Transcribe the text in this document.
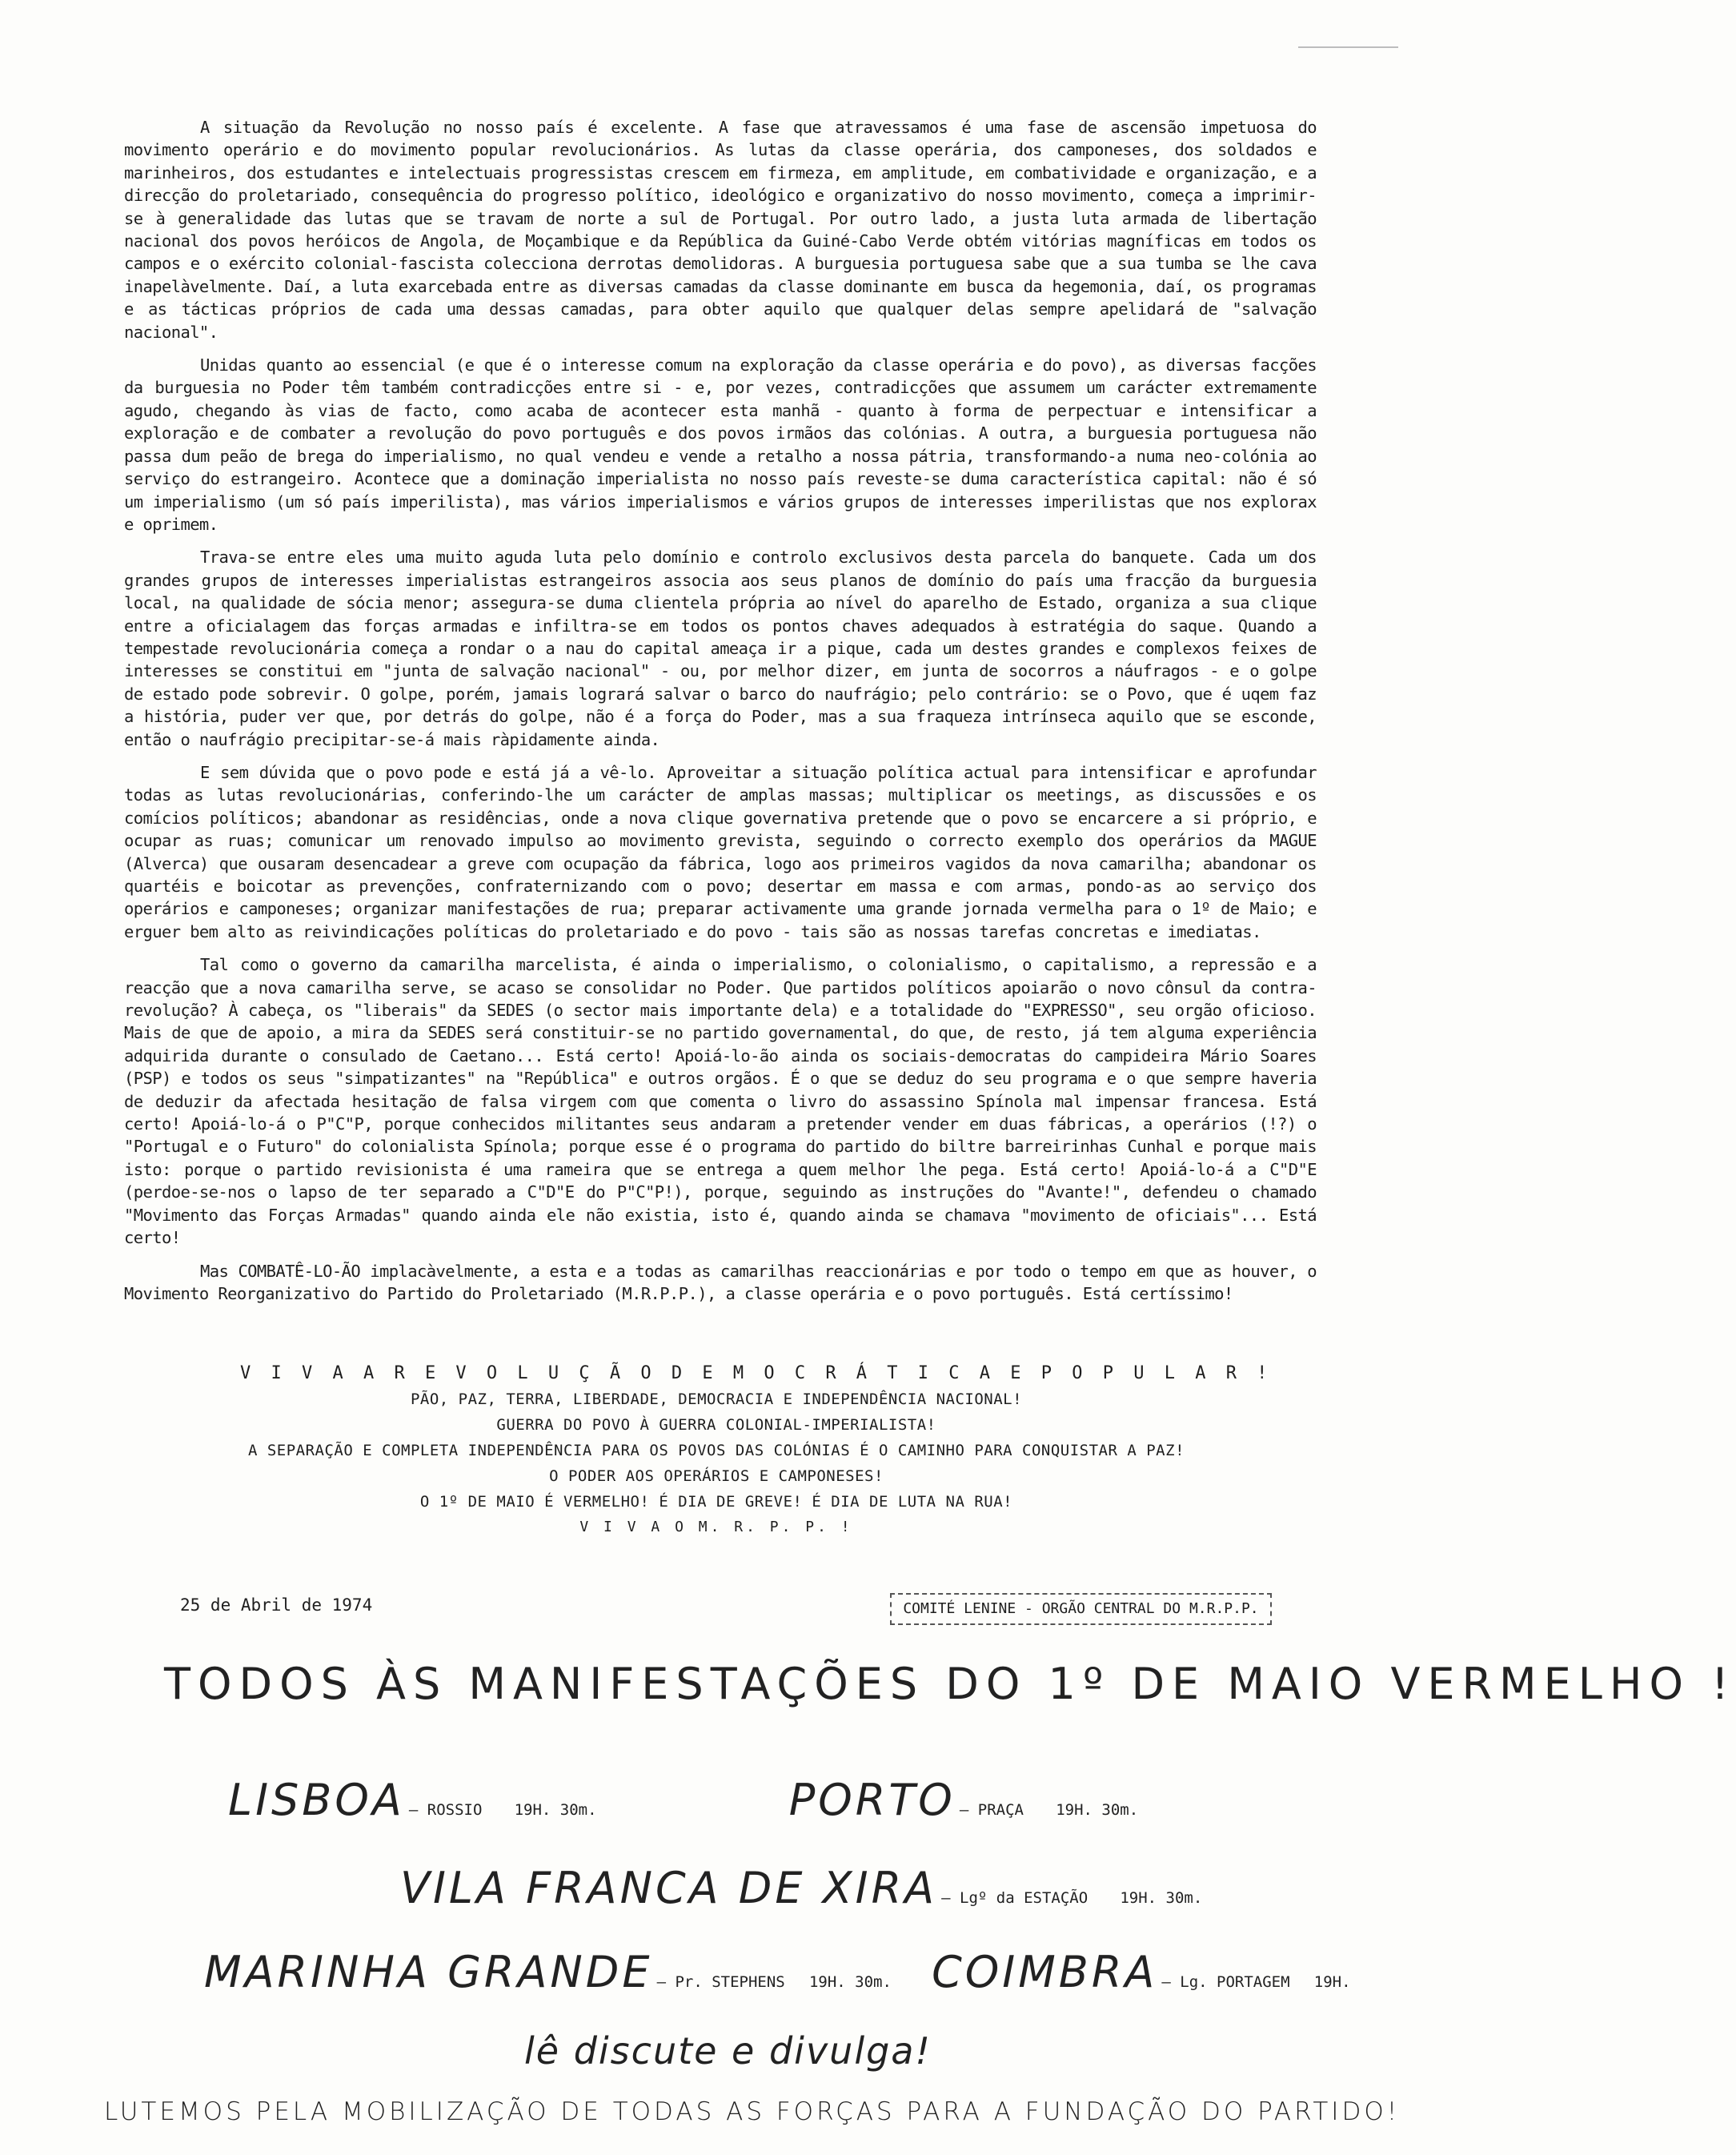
A situação da Revolução no nosso país é excelente. A fase que atravessamos é uma fase de ascensão impetuosa do movimento operário e do movimento popular revolucionários. As lutas da classe operária, dos camponeses, dos soldados e marinheiros, dos estudantes e intelectuais progressistas crescem em firmeza, em amplitude, em combatividade e organização, e a direcção do proletariado, consequência do progresso político, ideológico e organizativo do nosso movimento, começa a imprimir-se à generalidade das lutas que se travam de norte a sul de Portugal. Por outro lado, a justa luta armada de libertação nacional dos povos heróicos de Angola, de Moçambique e da República da Guiné-Cabo Verde obtém vitórias magníficas em todos os campos e o exército colonial-fascista colecciona derrotas demolidoras. A burguesia portuguesa sabe que a sua tumba se lhe cava inapelàvelmente. Daí, a luta exarcebada entre as diversas camadas da classe dominante em busca da hegemonia, daí, os programas e as tácticas próprios de cada uma dessas camadas, para obter aquilo que qualquer delas sempre apelidará de "salvação nacional".

Unidas quanto ao essencial (e que é o interesse comum na exploração da classe operária e do povo), as diversas facções da burguesia no Poder têm também contradicções entre si - e, por vezes, contradicções que assumem um carácter extremamente agudo, chegando às vias de facto, como acaba de acontecer esta manhã - quanto à forma de perpectuar e intensificar a exploração e de combater a revolução do povo português e dos povos irmãos das colónias. A outra, a burguesia portuguesa não passa dum peão de brega do imperialismo, no qual vendeu e vende a retalho a nossa pátria, transformando-a numa neo-colónia ao serviço do estrangeiro. Acontece que a dominação imperialista no nosso país reveste-se duma característica capital: não é só um imperialismo (um só país imperilista), mas vários imperialismos e vários grupos de interesses imperilistas que nos explorax e oprimem.

Trava-se entre eles uma muito aguda luta pelo domínio e controlo exclusivos desta parcela do banquete. Cada um dos grandes grupos de interesses imperialistas estrangeiros associa aos seus planos de domínio do país uma fracção da burguesia local, na qualidade de sócia menor; assegura-se duma clientela própria ao nível do aparelho de Estado, organiza a sua clique entre a oficialagem das forças armadas e infiltra-se em todos os pontos chaves adequados à estratégia do saque. Quando a tempestade revolucionária começa a rondar o a nau do capital ameaça ir a pique, cada um destes grandes e complexos feixes de interesses se constitui em "junta de salvação nacional" - ou, por melhor dizer, em junta de socorros a náufragos - e o golpe de estado pode sobrevir. O golpe, porém, jamais logrará salvar o barco do naufrágio; pelo contrário: se o Povo, que é uqem faz a história, puder ver que, por detrás do golpe, não é a força do Poder, mas a sua fraqueza intrínseca aquilo que se esconde, então o naufrágio precipitar-se-á mais ràpidamente ainda.

E sem dúvida que o povo pode e está já a vê-lo. Aproveitar a situação política actual para intensificar e aprofundar todas as lutas revolucionárias, conferindo-lhe um carácter de amplas massas; multiplicar os meetings, as discussões e os comícios políticos; abandonar as residências, onde a nova clique governativa pretende que o povo se encarcere a si próprio, e ocupar as ruas; comunicar um renovado impulso ao movimento grevista, seguindo o correcto exemplo dos operários da MAGUE (Alverca) que ousaram desencadear a greve com ocupação da fábrica, logo aos primeiros vagidos da nova camarilha; abandonar os quartéis e boicotar as prevenções, confraternizando com o povo; desertar em massa e com armas, pondo-as ao serviço dos operários e camponeses; organizar manifestações de rua; preparar activamente uma grande jornada vermelha para o 1º de Maio; e erguer bem alto as reivindicações políticas do proletariado e do povo - tais são as nossas tarefas concretas e imediatas.

Tal como o governo da camarilha marcelista, é ainda o imperialismo, o colonialismo, o capitalismo, a repressão e a reacção que a nova camarilha serve, se acaso se consolidar no Poder. Que partidos políticos apoiarão o novo cônsul da contra-revolução? À cabeça, os "liberais" da SEDES (o sector mais importante dela) e a totalidade do "EXPRESSO", seu orgão oficioso. Mais de que de apoio, a mira da SEDES será constituir-se no partido governamental, do que, de resto, já tem alguma experiência adquirida durante o consulado de Caetano... Está certo! Apoiá-lo-ão ainda os sociais-democratas do campideira Mário Soares (PSP) e todos os seus "simpatizantes" na "República" e outros orgãos. É o que se deduz do seu programa e o que sempre haveria de deduzir da afectada hesitação de falsa virgem com que comenta o livro do assassino Spínola mal impensar francesa. Está certo! Apoiá-lo-á o P"C"P, porque conhecidos militantes seus andaram a pretender vender em duas fábricas, a operários (!?) o "Portugal e o Futuro" do colonialista Spínola; porque esse é o programa do partido do biltre barreirinhas Cunhal e porque mais isto: porque o partido revisionista é uma rameira que se entrega a quem melhor lhe pega. Está certo! Apoiá-lo-á a C"D"E (perdoe-se-nos o lapso de ter separado a C"D"E do P"C"P!), porque, seguindo as instruções do "Avante!", defendeu o chamado "Movimento das Forças Armadas" quando ainda ele não existia, isto é, quando ainda se chamava "movimento de oficiais"... Está certo!

Mas COMBATÊ-LO-ÃO implacàvelmente, a esta e a todas as camarilhas reaccionárias e por todo o tempo em que as houver, o Movimento Reorganizativo do Partido do Proletariado (M.R.P.P.), a classe operária e o povo português. Está certíssimo!

V I V A A R E V O L U Ç Ã O D E M O C R Á T I C A E P O P U L A R !
PÃO, PAZ, TERRA, LIBERDADE, DEMOCRACIA E INDEPENDÊNCIA NACIONAL!
GUERRA DO POVO À GUERRA COLONIAL-IMPERIALISTA!
A SEPARAÇÃO E COMPLETA INDEPENDÊNCIA PARA OS POVOS DAS COLÓNIAS É O CAMINHO PARA CONQUISTAR A PAZ!
O PODER AOS OPERÁRIOS E CAMPONESES!
O 1º DE MAIO É VERMELHO! É DIA DE GREVE! É DIA DE LUTA NA RUA!
V I V A O M. R. P. P. !
25 de Abril de 1974	COMITÉ LENINE - ORGÃO CENTRAL DO M.R.P.P.
TODOS ÀS MANIFESTAÇÕES DO 1º DE MAIO VERMELHO !
LISBOA — ROSSIO 19H. 30m.	PORTO — PRAÇA 19H. 30m.
VILA FRANCA DE XIRA — Lgº da ESTAÇÃO 19H. 30m.
MARINHA GRANDE — Pr. STEPHENS 19H. 30m. COIMBRA — Lg. PORTAGEM 19H.
lê discute e divulga!
LUTEMOS PELA MOBILIZAÇÃO DE TODAS AS FORÇAS PARA A FUNDAÇÃO DO PARTIDO!
